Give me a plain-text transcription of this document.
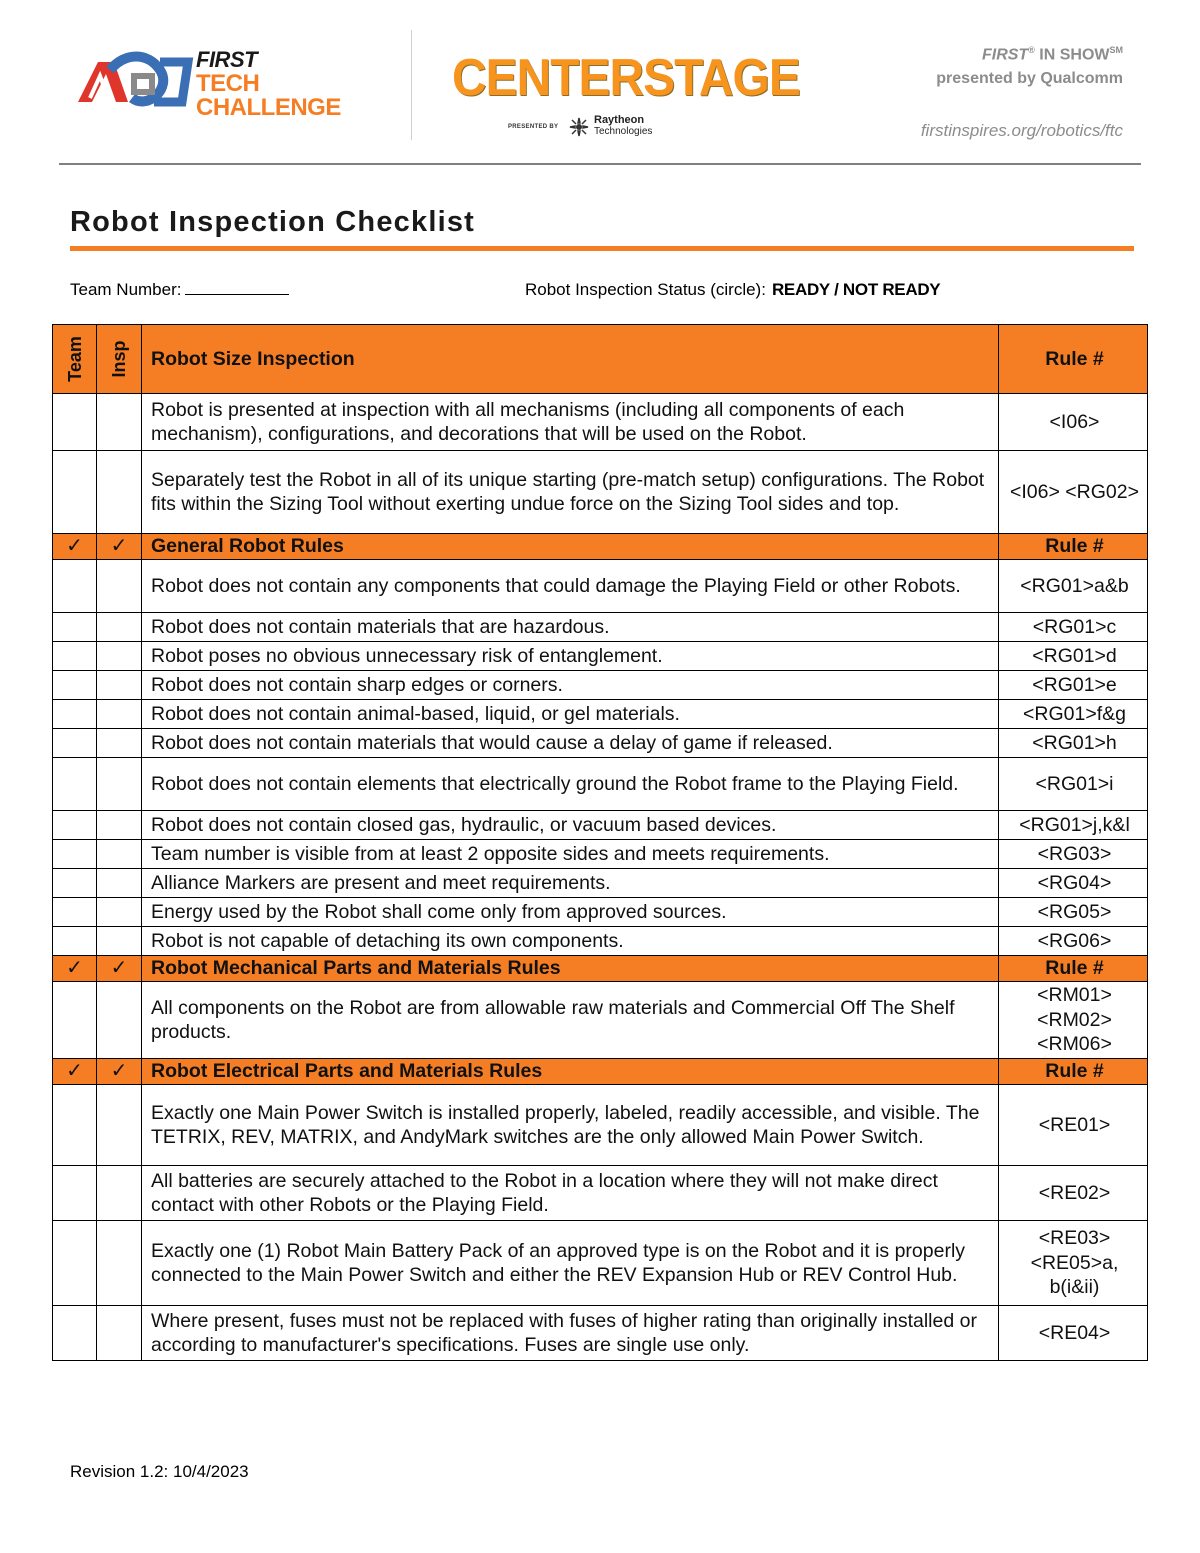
FIRST
TECH
CHALLENGE
CENTERSTAGE
PRESENTED BY
Raytheon
Technologies
FIRST® IN SHOW℠
presented by Qualcomm
firstinspires.org/robotics/ftc
Robot Inspection Checklist
Team Number:	Robot Inspection Status (circle): READY / NOT READY
Team	Insp	Robot Size Inspection	Rule #
		Robot is presented at inspection with all mechanisms (including all components of each mechanism), configurations, and decorations that will be used on the Robot.	<I06>
		Separately test the Robot in all of its unique starting (pre-match setup) configurations. The Robot fits within the Sizing Tool without exerting undue force on the Sizing Tool sides and top.	<I06> <RG02>
✓	✓	General Robot Rules	Rule #
		Robot does not contain any components that could damage the Playing Field or other Robots.	<RG01>a&b
		Robot does not contain materials that are hazardous.	<RG01>c
		Robot poses no obvious unnecessary risk of entanglement.	<RG01>d
		Robot does not contain sharp edges or corners.	<RG01>e
		Robot does not contain animal-based, liquid, or gel materials.	<RG01>f&g
		Robot does not contain materials that would cause a delay of game if released.	<RG01>h
		Robot does not contain elements that electrically ground the Robot frame to the Playing Field.	<RG01>i
		Robot does not contain closed gas, hydraulic, or vacuum based devices.	<RG01>j,k&l
		Team number is visible from at least 2 opposite sides and meets requirements.	<RG03>
		Alliance Markers are present and meet requirements.	<RG04>
		Energy used by the Robot shall come only from approved sources.	<RG05>
		Robot is not capable of detaching its own components.	<RG06>
✓	✓	Robot Mechanical Parts and Materials Rules	Rule #
		All components on the Robot are from allowable raw materials and Commercial Off The Shelf products.	<RM01> <RM02> <RM06>
✓	✓	Robot Electrical Parts and Materials Rules	Rule #
		Exactly one Main Power Switch is installed properly, labeled, readily accessible, and visible. The TETRIX, REV, MATRIX, and AndyMark switches are the only allowed Main Power Switch.	<RE01>
		All batteries are securely attached to the Robot in a location where they will not make direct contact with other Robots or the Playing Field.	<RE02>
		Exactly one (1) Robot Main Battery Pack of an approved type is on the Robot and it is properly connected to the Main Power Switch and either the REV Expansion Hub or REV Control Hub.	<RE03> <RE05>a, b(i&ii)
		Where present, fuses must not be replaced with fuses of higher rating than originally installed or according to manufacturer's specifications. Fuses are single use only.	<RE04>
Revision 1.2: 10/4/2023
